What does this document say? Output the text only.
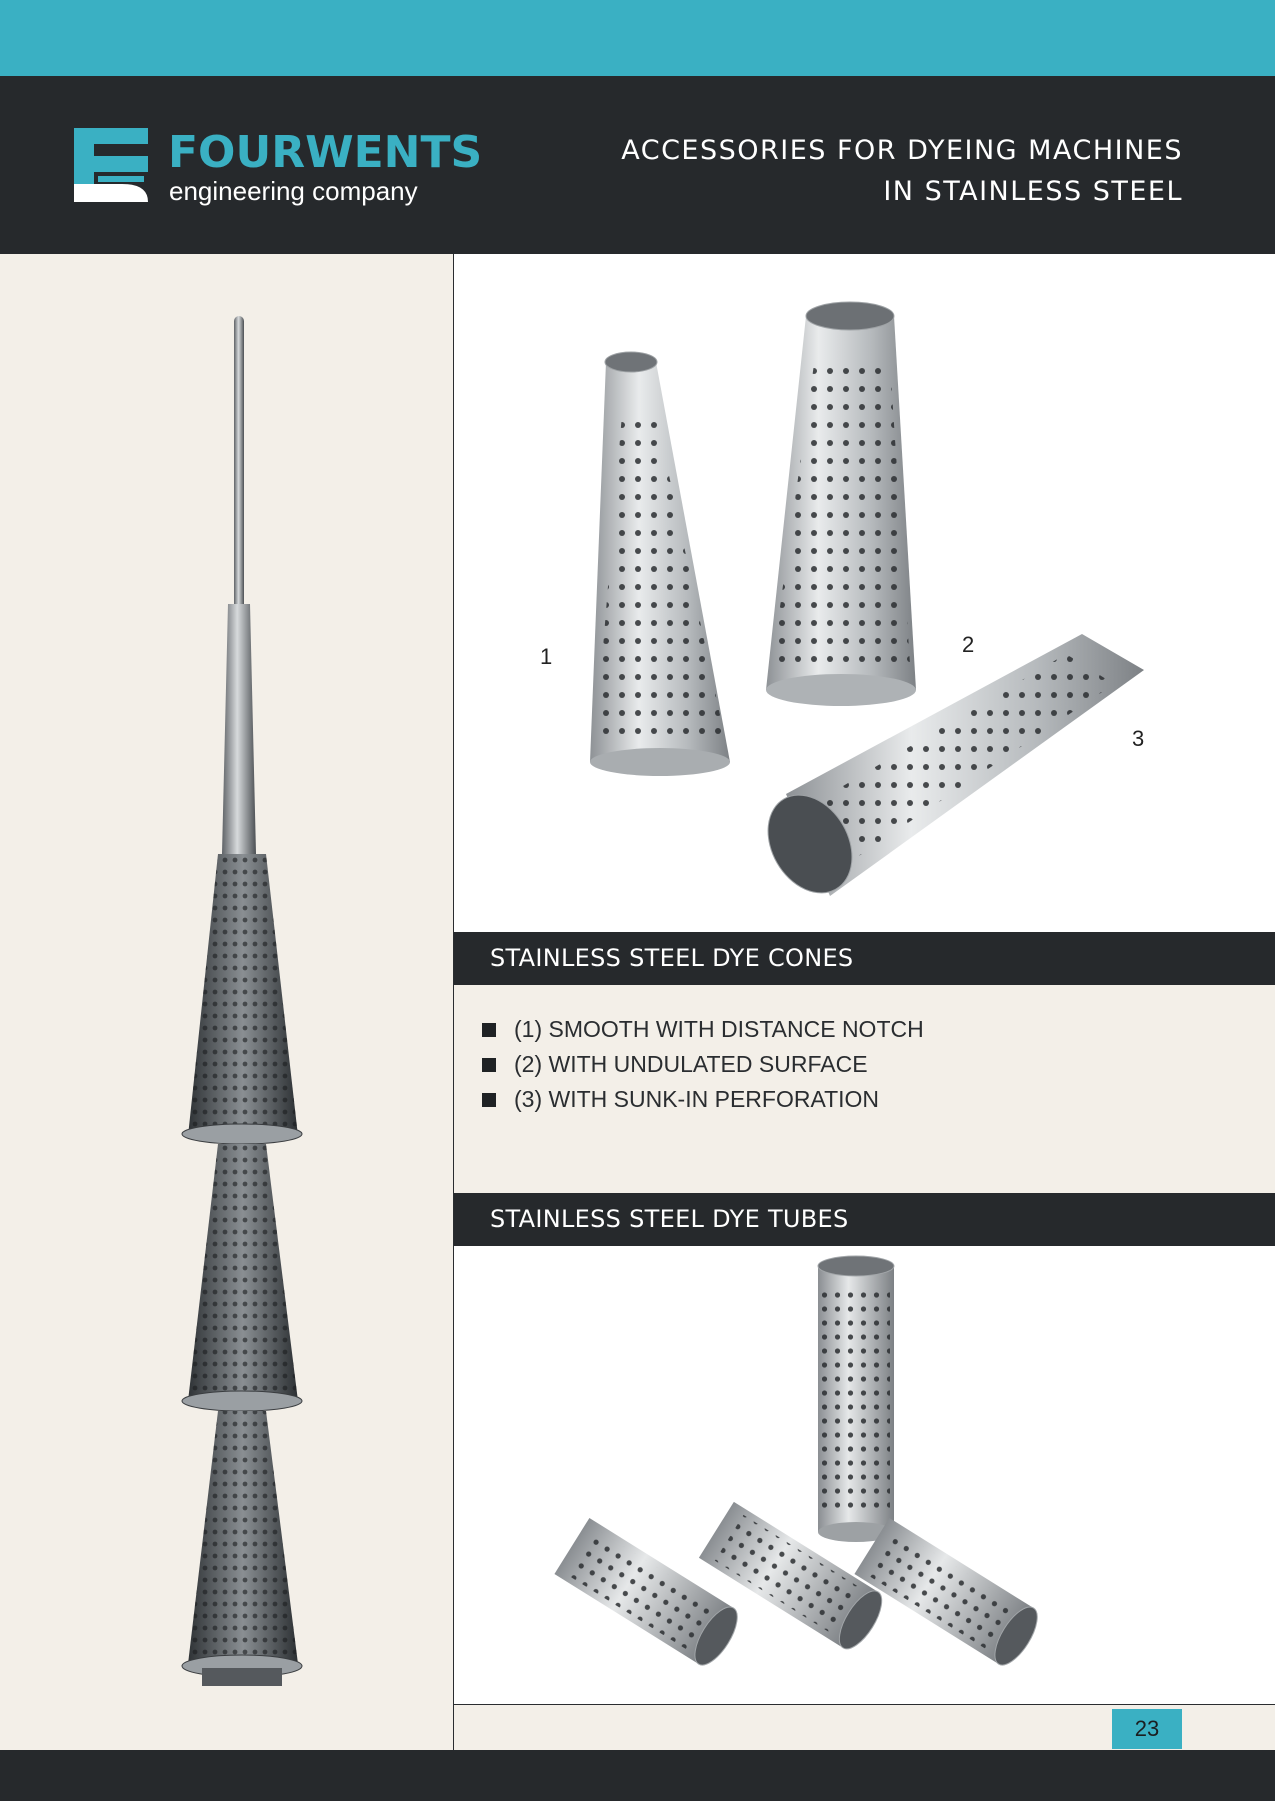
FOURWENTS
engineering company
ACCESSORIES FOR DYEING MACHINES
IN STAINLESS STEEL
1	2
3
STAINLESS STEEL DYE CONES
(1) SMOOTH WITH DISTANCE NOTCH
(2) WITH UNDULATED SURFACE
(3) WITH SUNK-IN PERFORATION
STAINLESS STEEL DYE TUBES
23
